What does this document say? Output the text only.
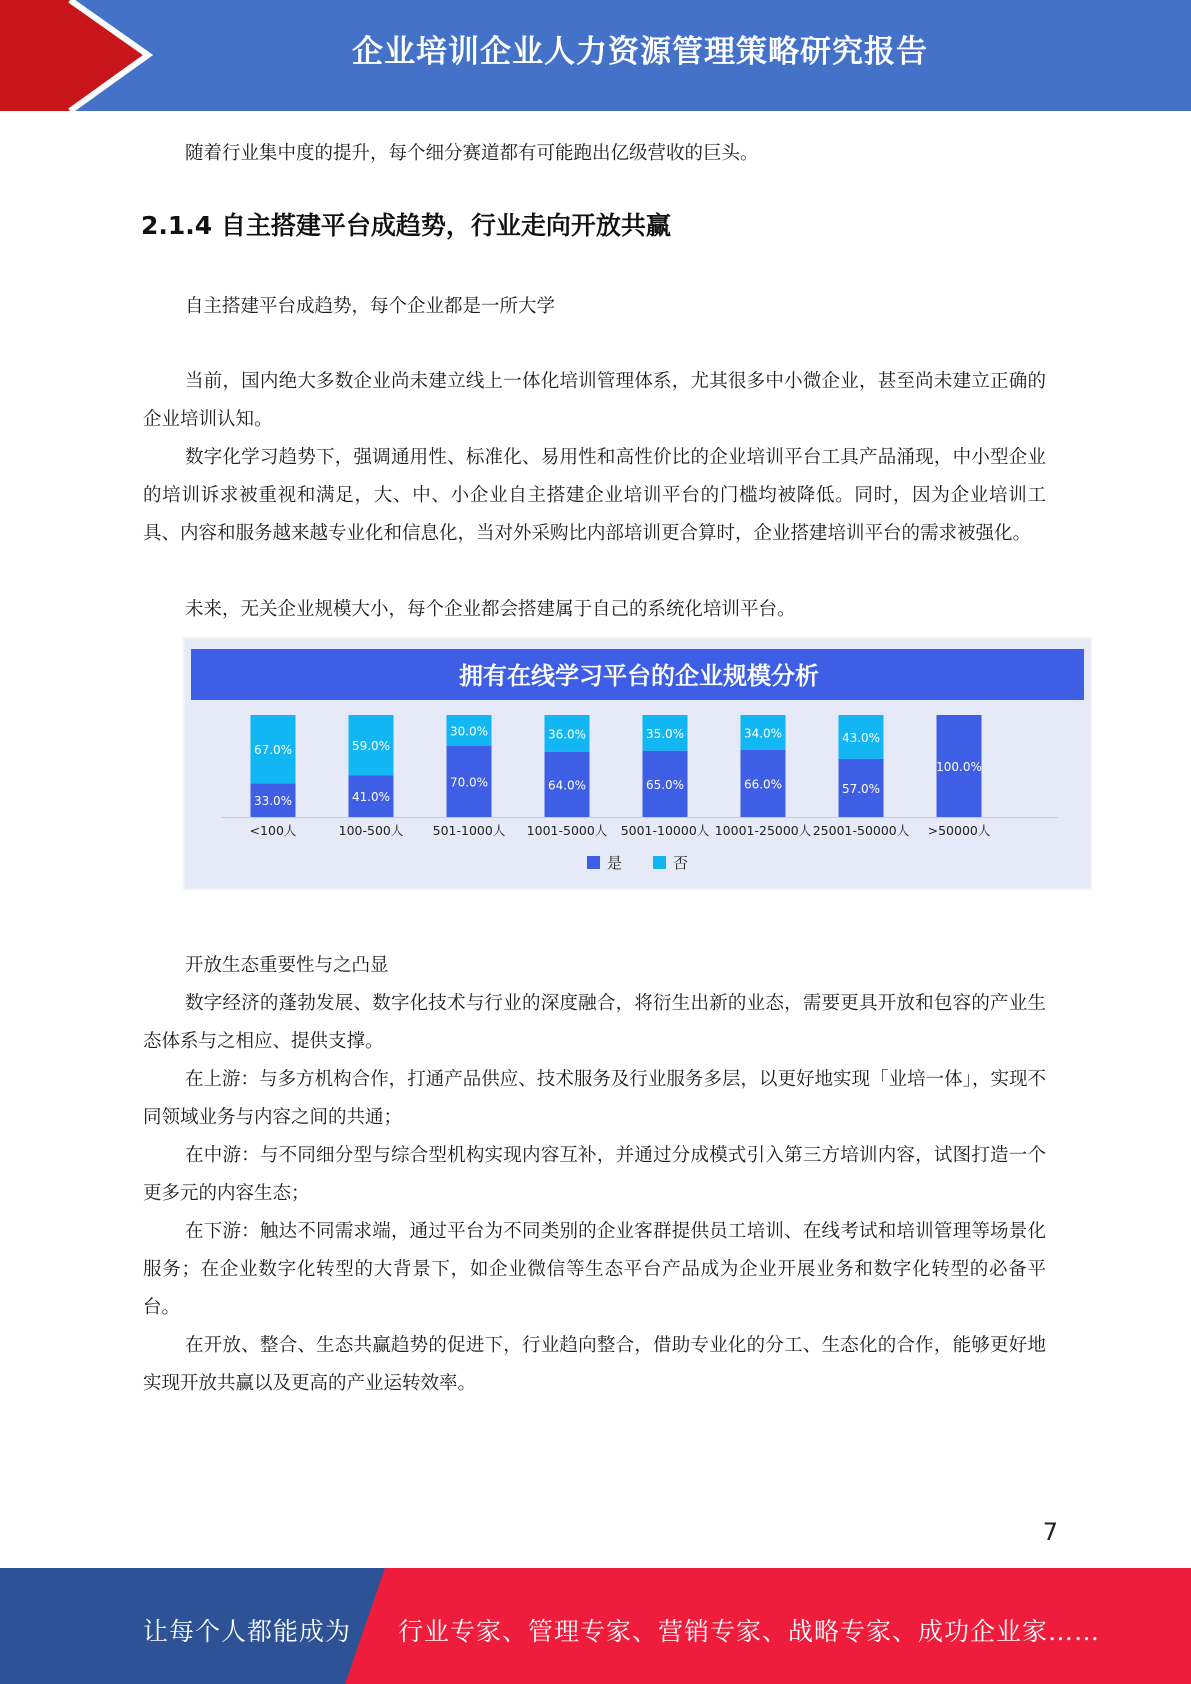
企业培训企业人力资源管理策略研究报告

随着行业集中度的提升，每个细分赛道都有可能跑出亿级营收的巨头。

2.1.4 自主搭建平台成趋势，行业走向开放共赢

自主搭建平台成趋势，每个企业都是一所大学

当前，国内绝大多数企业尚未建立线上一体化培训管理体系，尤其很多中小微企业，甚至尚未建立正确的企业培训认知。

数字化学习趋势下，强调通用性、标准化、易用性和高性价比的企业培训平台工具产品涌现，中小型企业的培训诉求被重视和满足，大、中、小企业自主搭建企业培训平台的门槛均被降低。同时，因为企业培训工具、内容和服务越来越专业化和信息化，当对外采购比内部培训更合算时，企业搭建培训平台的需求被强化。

未来，无关企业规模大小，每个企业都会搭建属于自己的系统化培训平台。

拥有在线学习平台的企业规模分析
33.0%
67.0%
<100人
41.0%
59.0%
100-500人
70.0%
30.0%
501-1000人
64.0%
36.0%
1001-5000人
65.0%
35.0%
5001-10000人
66.0%
34.0%
10001-25000人
57.0%
43.0%
25001-50000人
100.0%
>50000人
是	否

开放生态重要性与之凸显

数字经济的蓬勃发展、数字化技术与行业的深度融合，将衍生出新的业态，需要更具开放和包容的产业生态体系与之相应、提供支撑。

在上游：与多方机构合作，打通产品供应、技术服务及行业服务多层，以更好地实现「业培一体」，实现不同领域业务与内容之间的共通；

在中游：与不同细分型与综合型机构实现内容互补，并通过分成模式引入第三方培训内容，试图打造一个更多元的内容生态；

在下游：触达不同需求端，通过平台为不同类别的企业客群提供员工培训、在线考试和培训管理等场景化服务；在企业数字化转型的大背景下，如企业微信等生态平台产品成为企业开展业务和数字化转型的必备平台。

在开放、整合、生态共赢趋势的促进下，行业趋向整合，借助专业化的分工、生态化的合作，能够更好地实现开放共赢以及更高的产业运转效率。

7
让每个人都能成为 行业专家、管理专家、营销专家、战略专家、成功企业家……
